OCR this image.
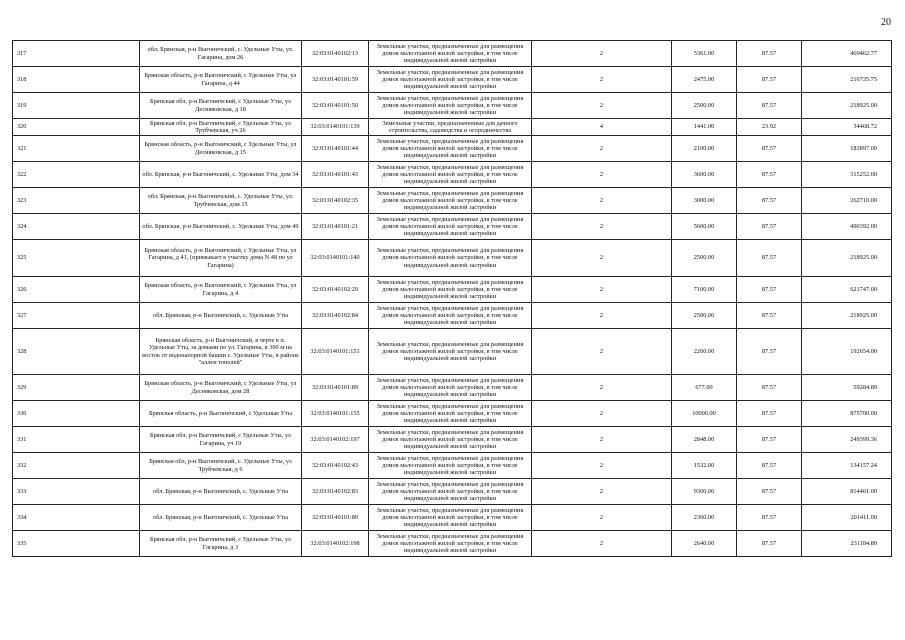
20
317	обл. Брянская, р-н Выгоничский, с. Удельные Уты, ул. Гагарина, дом 26	32:03:0140102:13	Земельные участки, предназначенные для размещения домов малоэтажной жилой застройки, в том числе индивидуальной жилой застройки	2	5361.00	87.57	469462.77
318	Брянская область, р-н Выгоничский, с Удельные Уты, ул Гагарина, д 44	32:03:0140101:59	Земельные участки, предназначенные для размещения домов малоэтажной жилой застройки, в том числе индивидуальной жилой застройки	2	2475.00	87.57	216735.75
319	Брянская обл, р-н Выгоничский, с Удельные Уты, ул Десняковская, д 18	32:03:0140101:50	Земельные участки, предназначенные для размещения домов малоэтажной жилой застройки, в том числе индивидуальной жилой застройки	2	2500.00	87.57	218925.00
320	Брянская обл, р-н Выгоничский, с Удельные Уты, ул Трубчевская, уч 26	32:03:0140101:139	Земельные участки, предназначенные для дачного строительства, садоводства и огородничества	4	1441.00	23.92	34468.72
321	Брянская область, р-н Выгоничский, с Удельные Уты, ул Десняковская, д 15	32:03:0140101:44	Земельные участки, предназначенные для размещения домов малоэтажной жилой застройки, в том числе индивидуальной жилой застройки	2	2100.00	87.57	183897.00
322	обл. Брянская, р-н Выгоничский, с. Удельные Уты, дом 34	32:03:0140101:43	Земельные участки, предназначенные для размещения домов малоэтажной жилой застройки, в том числе индивидуальной жилой застройки	2	3600.00	87.57	315252.00
323	обл. Брянская, р-н Выгоничский, с. Удельные Уты, ул. Трубчевская, дом 15	32:03:0140102:35	Земельные участки, предназначенные для размещения домов малоэтажной жилой застройки, в том числе индивидуальной жилой застройки	2	3000.00	87.57	262710.00
324	обл. Брянская, р-н Выгоничский, с. Удельные Уты, дом 49	32:03:0140101:21	Земельные участки, предназначенные для размещения домов малоэтажной жилой застройки, в том числе индивидуальной жилой застройки	2	5600.00	87.57	490392.00
325	Брянская область, р-н Выгоничский, с Удельные Уты, ул Гагарина, д 41, (примыкает к участку дома N 48 по ул Гагарина)	32:03:0140101:140	Земельные участки, предназначенные для размещения домов малоэтажной жилой застройки, в том числе индивидуальной жилой застройки	2	2500.00	87.57	218925.00
326	Брянская область, р-н Выгоничский, с Удельные Уты, ул Гагарина, д 4	32:03:0140102:29	Земельные участки, предназначенные для размещения домов малоэтажной жилой застройки, в том числе индивидуальной жилой застройки	2	7100.00	87.57	621747.00
327	обл. Брянская, р-н Выгоничский, с. Удельные Уты	32:03:0140102:84	Земельные участки, предназначенные для размещения домов малоэтажной жилой застройки, в том числе индивидуальной жилой застройки	2	2500.00	87.57	218925.00
328	Брянская область, р-н Выгоничский, в черте в п. Удельные Уты, за домами по ул. Гагарина, в 300 м на восток от водонапорной башни с. Удельные Уты, в районе "аллеи тополей"	32:03:0140101:151	Земельные участки, предназначенные для размещения домов малоэтажной жилой застройки, в том числе индивидуальной жилой застройки	2	2200.00	87.57	192654.00
329	Брянская область, р-н Выгоничский, с Удельные Уты, ул Десняковская, дом 28	32:03:0140101:89	Земельные участки, предназначенные для размещения домов малоэтажной жилой застройки, в том числе индивидуальной жилой застройки	2	677.00	87.57	59284.89
330	Брянская область, р-н Выгоничский, с Удельные Уты	32:03:0140101:155	Земельные участки, предназначенные для размещения домов малоэтажной жилой застройки, в том числе индивидуальной жилой застройки	2	10000.00	87.57	875700.00
331	Брянская обл, р-н Выгоничский, с Удельные Уты, ул Гагарина, уч 10	32:03:0140102:197	Земельные участки, предназначенные для размещения домов малоэтажной жилой застройки, в том числе индивидуальной жилой застройки	2	2848.00	87.57	249399.36
332	Брянская обл, р-н Выгоничский, с. Удельные Уты, ул Трубчевская, д 6	32:03:0140102:43	Земельные участки, предназначенные для размещения домов малоэтажной жилой застройки, в том числе индивидуальной жилой застройки	2	1532.00	87.57	134157.24
333	обл. Брянская, р-н Выгоничский, с. Удельные Уты	32:03:0140102:83	Земельные участки, предназначенные для размещения домов малоэтажной жилой застройки, в том числе индивидуальной жилой застройки	2	9300.00	87.57	814401.00
334	обл. Брянская, р-н Выгоничский, с. Удельные Уты	32:03:0140101:80	Земельные участки, предназначенные для размещения домов малоэтажной жилой застройки, в том числе индивидуальной жилой застройки	2	2300.00	87.57	201411.00
335	Брянская обл, р-н Выгоничский, с Удельные Уты, ул Гагарина, д 3	32:03:0140102:198	Земельные участки, предназначенные для размещения домов малоэтажной жилой застройки, в том числе индивидуальной жилой застройки	2	2640.00	87.57	231184.80
